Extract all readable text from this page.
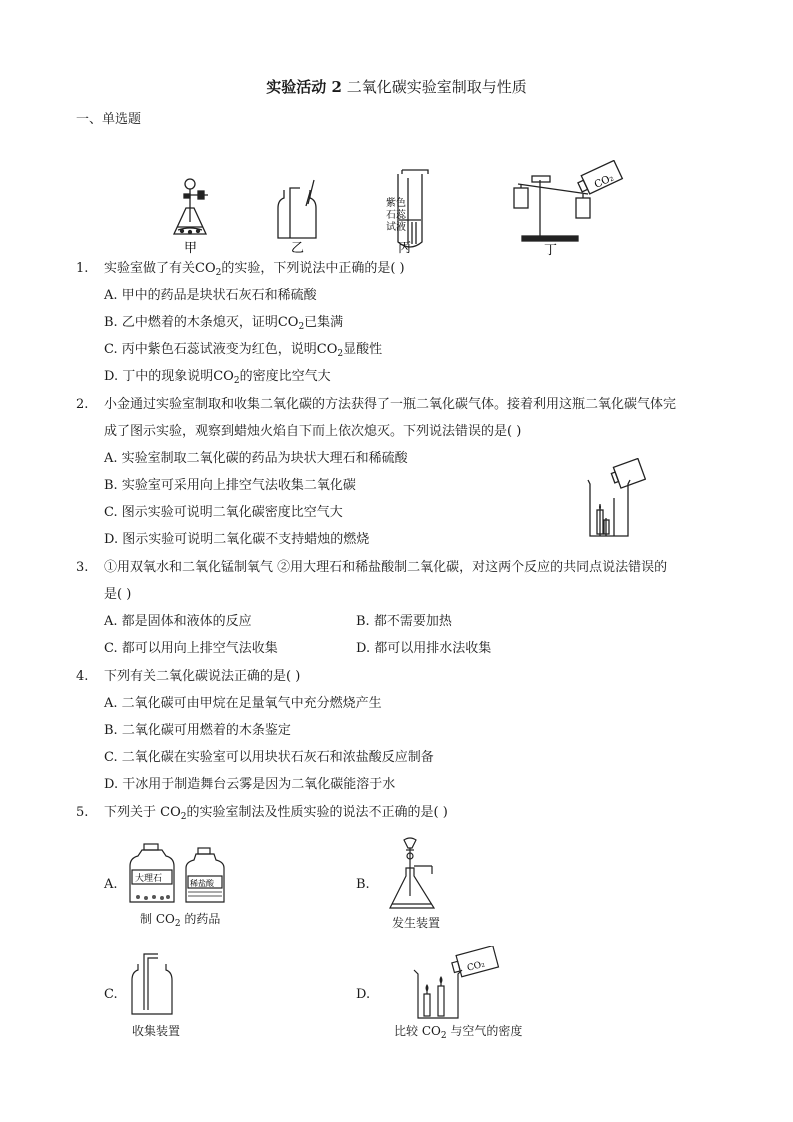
实验活动 2 二氧化碳实验室制取与性质
一、单选题
甲	乙
紫色
石蕊
试液
丙
CO₂
丁
1. 实验室做了有关$CO_2$的实验，下列说法中正确的是( )
A. 甲中的药品是块状石灰石和稀硫酸
B. 乙中燃着的木条熄灭，证明$CO_2$已集满
C. 丙中紫色石蕊试液变为红色，说明$CO_2$显酸性
D. 丁中的现象说明$CO_2$的密度比空气大
2. 小金通过实验室制取和收集二氧化碳的方法获得了一瓶二氧化碳气体。接着利用这瓶二氧化碳气体完
成了图示实验，观察到蜡烛火焰自下而上依次熄灭。下列说法错误的是( )
A. 实验室制取二氧化碳的药品为块状大理石和稀硫酸
B. 实验室可采用向上排空气法收集二氧化碳
C. 图示实验可说明二氧化碳密度比空气大
D. 图示实验可说明二氧化碳不支持蜡烛的燃烧
3. ①用双氧水和二氧化锰制氧气 ②用大理石和稀盐酸制二氧化碳，对这两个反应的共同点说法错误的
是( )
A. 都是固体和液体的反应	B. 都不需要加热
C. 都可以用向上排空气法收集	D. 都可以用排水法收集
4. 下列有关二氧化碳说法正确的是( )
A. 二氧化碳可由甲烷在足量氧气中充分燃烧产生
B. 二氧化碳可用燃着的木条鉴定
C. 二氧化碳在实验室可以用块状石灰石和浓盐酸反应制备
D. 干冰用于制造舞台云雾是因为二氧化碳能溶于水
5. 下列关于 $CO_2$的实验室制法及性质实验的说法不正确的是( )
A. 大理石	稀盐酸
制 $CO_2$ 的药品
B.
发生装置
C.
收集装置
D.
CO₂
比较 $CO_2$ 与空气的密度
